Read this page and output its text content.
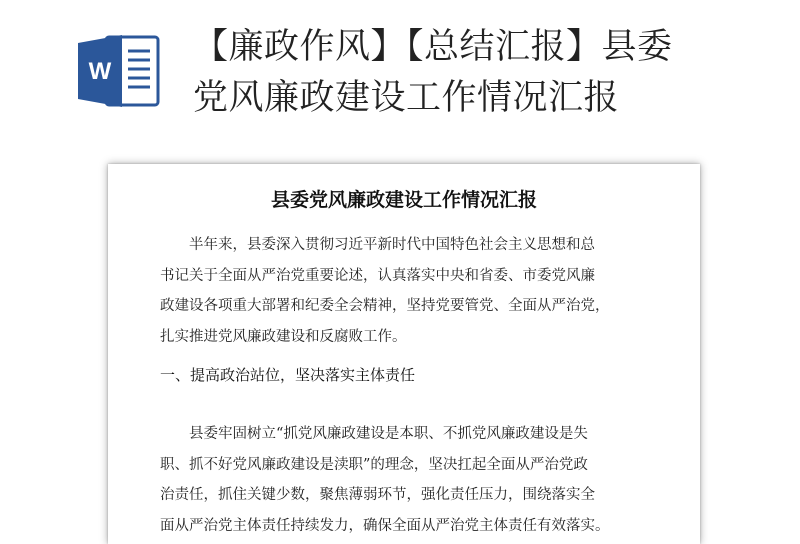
W
【廉政作风】【总结汇报】县委
党风廉政建设工作情况汇报
县委党风廉政建设工作情况汇报
　　半年来，县委深入贯彻习近平新时代中国特色社会主义思想和总
书记关于全面从严治党重要论述，认真落实中央和省委、市委党风廉
政建设各项重大部署和纪委全会精神，坚持党要管党、全面从严治党，
扎实推进党风廉政建设和反腐败工作。
一、提高政治站位，坚决落实主体责任
　　县委牢固树立“抓党风廉政建设是本职、不抓党风廉政建设是失
职、抓不好党风廉政建设是渎职”的理念，坚决扛起全面从严治党政
治责任，抓住关键少数，聚焦薄弱环节，强化责任压力，围绕落实全
面从严治党主体责任持续发力，确保全面从严治党主体责任有效落实。
